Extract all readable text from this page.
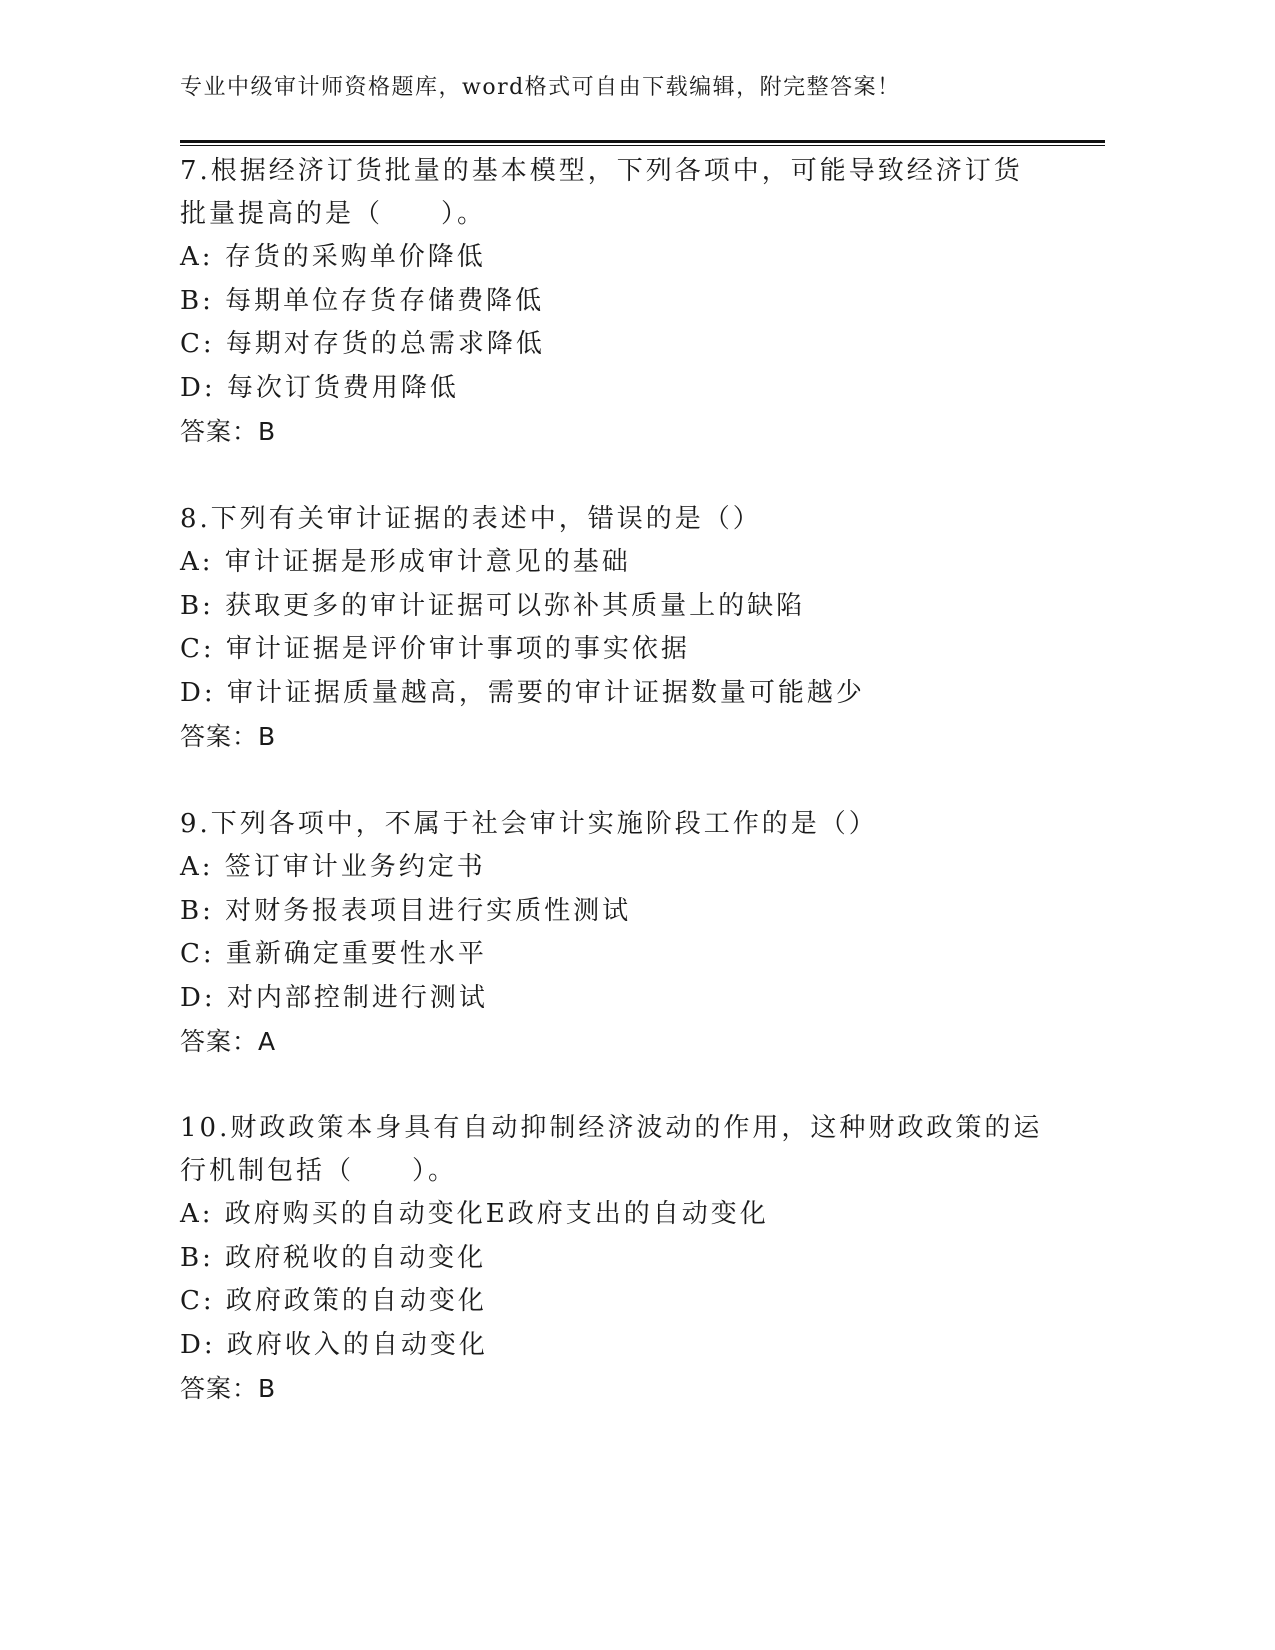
专业中级审计师资格题库，word格式可自由下载编辑，附完整答案！

7.根据经济订货批量的基本模型，下列各项中，可能导致经济订货批量提高的是（　　）。

A: 存货的采购单价降低

B: 每期单位存货存储费降低

C: 每期对存货的总需求降低

D: 每次订货费用降低

答案：B

8.下列有关审计证据的表述中，错误的是（）

A: 审计证据是形成审计意见的基础

B: 获取更多的审计证据可以弥补其质量上的缺陷

C: 审计证据是评价审计事项的事实依据

D: 审计证据质量越高，需要的审计证据数量可能越少

答案：B

9.下列各项中，不属于社会审计实施阶段工作的是（）

A: 签订审计业务约定书

B: 对财务报表项目进行实质性测试

C: 重新确定重要性水平

D: 对内部控制进行测试

答案：A

10.财政政策本身具有自动抑制经济波动的作用，这种财政政策的运行机制包括（　　）。

A: 政府购买的自动变化E政府支出的自动变化

B: 政府税收的自动变化

C: 政府政策的自动变化

D: 政府收入的自动变化

答案：B
